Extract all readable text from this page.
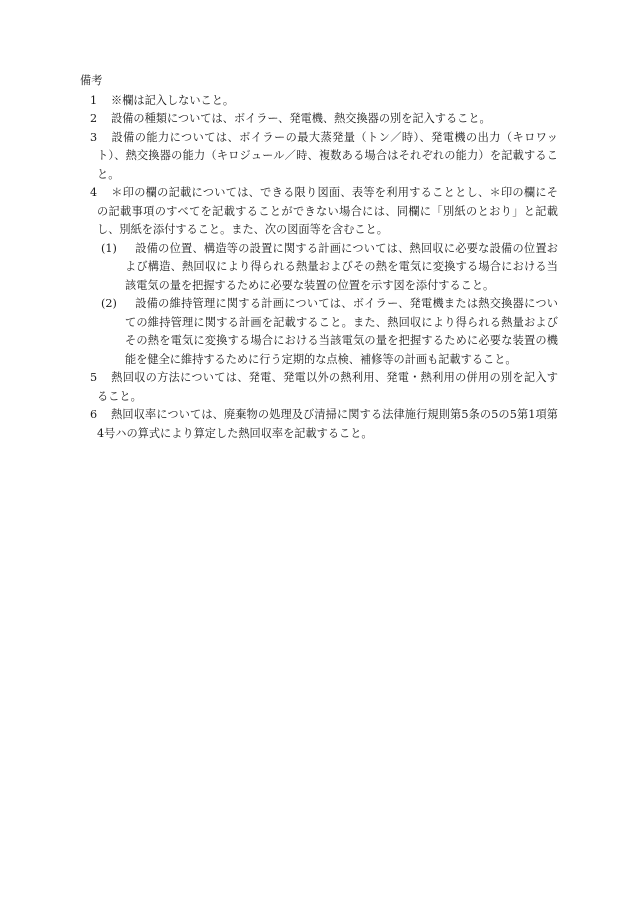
備考

1 ※欄は記入しないこと。

2 設備の種類については、ボイラー、発電機、熱交換器の別を記入すること。

3 設備の能力については、ボイラーの最大蒸発量（トン／時）、発電機の出力（キロワット）、熱交換器の能力（キロジュール／時、複数ある場合はそれぞれの能力）を記載すること。

4 ＊印の欄の記載については、できる限り図面、表等を利用することとし、＊印の欄にその記載事項のすべてを記載することができない場合には、同欄に「別紙のとおり」と記載し、別紙を添付すること。また、次の図面等を含むこと。

(1) 設備の位置、構造等の設置に関する計画については、熱回収に必要な設備の位置および構造、熱回収により得られる熱量およびその熱を電気に変換する場合における当該電気の量を把握するために必要な装置の位置を示す図を添付すること。

(2) 設備の維持管理に関する計画については、ボイラー、発電機または熱交換器についての維持管理に関する計画を記載すること。また、熱回収により得られる熱量およびその熱を電気に変換する場合における当該電気の量を把握するために必要な装置の機能を健全に維持するために行う定期的な点検、補修等の計画も記載すること。

5 熱回収の方法については、発電、発電以外の熱利用、発電・熱利用の併用の別を記入すること。

6 熱回収率については、廃棄物の処理及び清掃に関する法律施行規則第5条の5の5第1項第4号ハの算式により算定した熱回収率を記載すること。
